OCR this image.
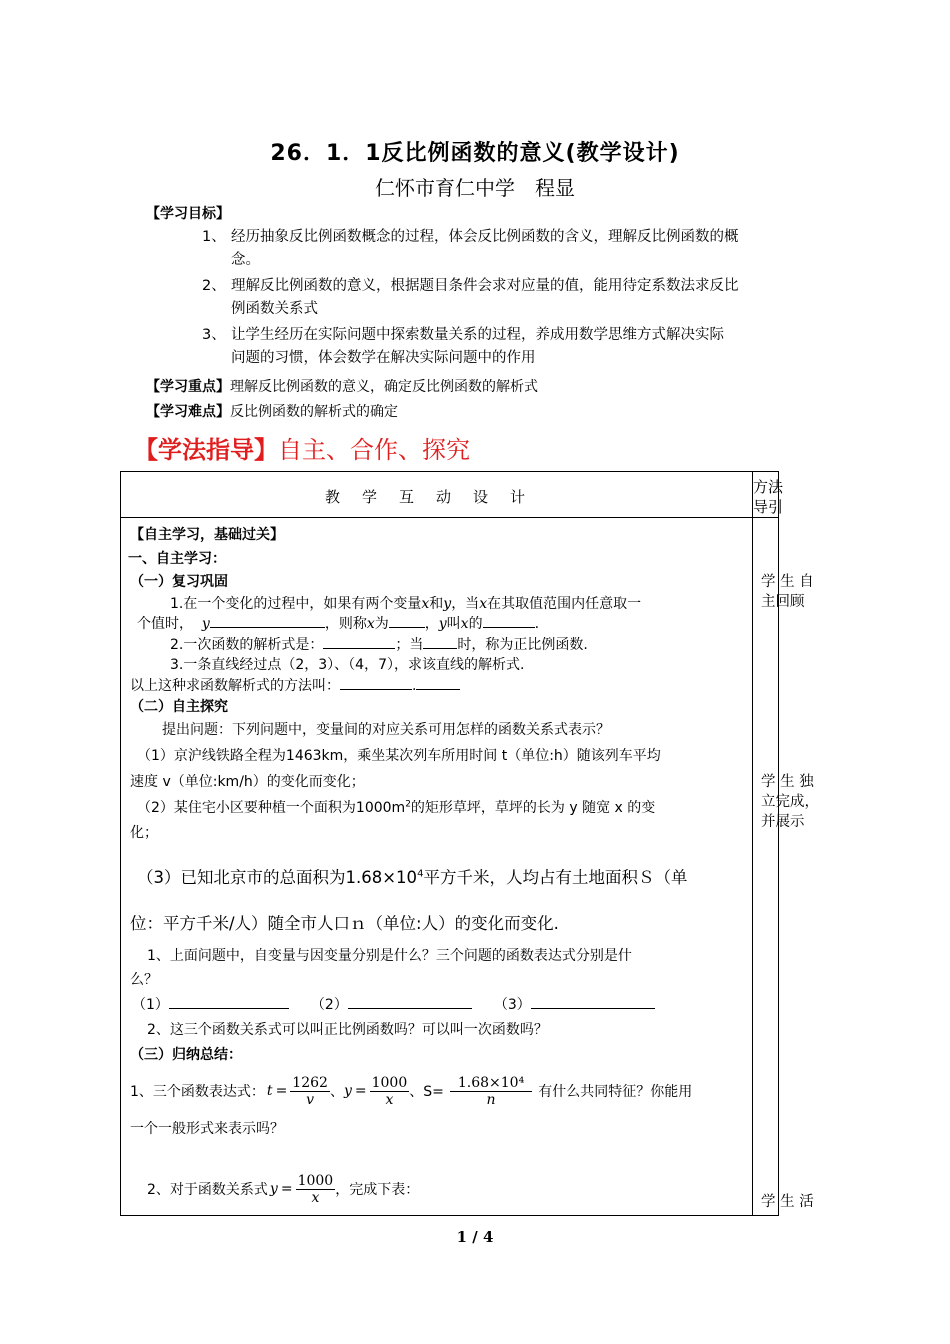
26．1．1反比例函数的意义(教学设计)
仁怀市育仁中学　程显
【学习目标】
1、 经历抽象反比例函数概念的过程，体会反比例函数的含义，理解反比例函数的概
念。
2、 理解反比例函数的意义，根据题目条件会求对应量的值，能用待定系数法求反比
例函数关系式
3、 让学生经历在实际问题中探索数量关系的过程，养成用数学思维方式解决实际
问题的习惯，体会数学在解决实际问题中的作用
【学习重点】理解反比例函数的意义，确定反比例函数的解析式
【学习难点】反比例函数的解析式的确定
【学法指导】自主、合作、探究
教学互动设计
方法
导引
【自主学习，基础过关】
一、自主学习：
（一）复习巩固
1.在一个变化的过程中，如果有两个变量x和y，当x在其取值范围内任意取一
个值时， y	，则称x为	，y叫x的	.
2.一次函数的解析式是：	；当 时，称为正比例函数.
3.一条直线经过点（2，3）、（4，7），求该直线的解析式.
以上这种求函数解析式的方法叫：	.
（二）自主探究
提出问题：下列问题中，变量间的对应关系可用怎样的函数关系式表示？
（1）京沪线铁路全程为1463km，乘坐某次列车所用时间 t（单位:h）随该列车平均
速度 v（单位:km/h）的变化而变化；
（2）某住宅小区要种植一个面积为$1000m^2$的矩形草坪，草坪的长为 y 随宽 x 的变
化；
（3）已知北京市的总面积为$1.68\times 10^4$平方千米，人均占有土地面积Ｓ（单
位：平方千米/人）随全市人口ｎ（单位:人）的变化而变化.
1、上面问题中，自变量与因变量分别是什么？三个问题的函数表达式分别是什
么？
（1）	（2）	（3）
2、这三个函数关系式可以叫正比例函数吗？可以叫一次函数吗？
（三）归纳总结：
1、三个函数表达式： $t = \frac{1262}{v}$ 、 $y = \frac{1000}{x}$ 、$S= \frac{\text{1.68×10⁴}}{n}$ 有什么共同特征？你能用
一个一般形式来表示吗？
2、对于函数关系式 $y = \frac{1000}{x}$ ，完成下表：
学 生 自
主回顾
学 生 独
立完成，
并展示
学 生 活
1 / 4
